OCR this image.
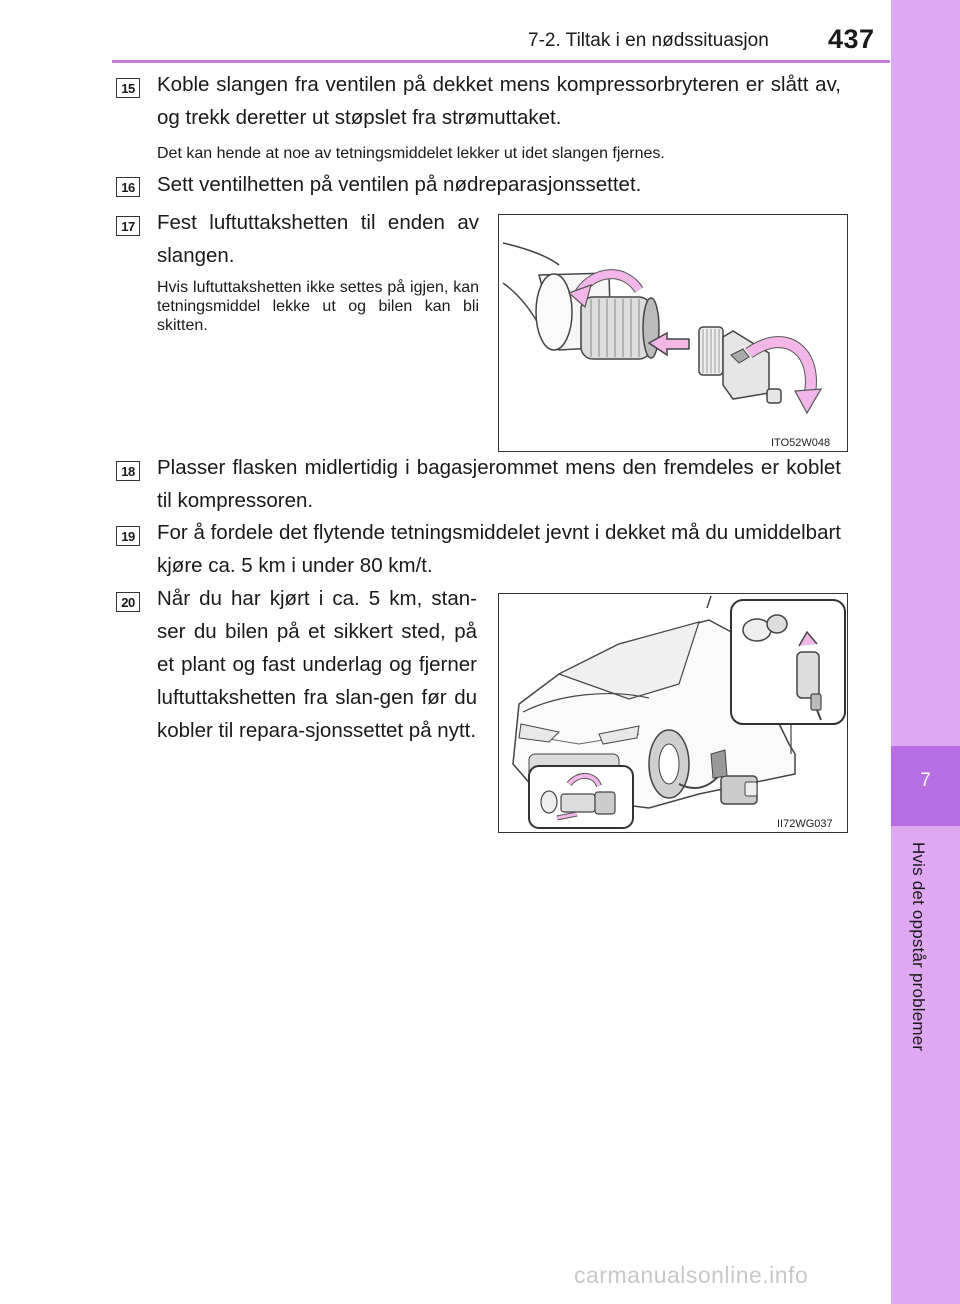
7-2. Tiltak i en nødssituasjon 437
7
Hvis det oppstår problemer
15 Koble slangen fra ventilen på dekket mens kompressorbryteren er slått av, og trekk deretter ut støpslet fra strømuttaket.
Det kan hende at noe av tetningsmiddelet lekker ut idet slangen fjernes.
16 Sett ventilhetten på ventilen på nødreparasjonssettet.
17 Fest luftuttakshetten til enden av slangen.
Hvis luftuttakshetten ikke settes på igjen, kan tetningsmiddel lekke ut og bilen kan bli skitten.
ITO52W048
18 Plasser flasken midlertidig i bagasjerommet mens den fremdeles er koblet til kompressoren.
19 For å fordele det flytende tetningsmiddelet jevnt i dekket må du umiddelbart kjøre ca. 5 km i under 80 km/t.
20 Når du har kjørt i ca. 5 km, stan-ser du bilen på et sikkert sted, på et plant og fast underlag og fjerner luftuttakshetten fra slan-gen før du kobler til repara-sjonssettet på nytt.
II72WG037
carmanualsonline.info
